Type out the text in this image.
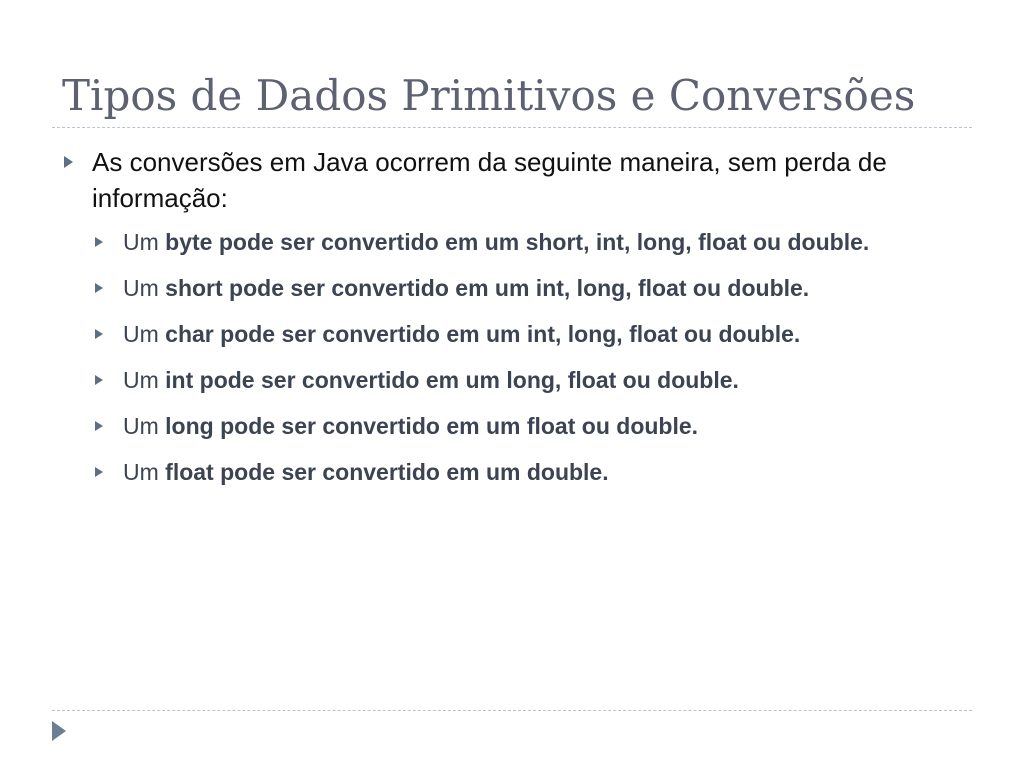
Tipos de Dados Primitivos e Conversões
As conversões em Java ocorrem da seguinte maneira, sem perda de informação:
Um byte pode ser convertido em um short, int, long, float ou double.
Um short pode ser convertido em um int, long, float ou double.
Um char pode ser convertido em um int, long, float ou double.
Um int pode ser convertido em um long, float ou double.
Um long pode ser convertido em um float ou double.
Um float pode ser convertido em um double.
